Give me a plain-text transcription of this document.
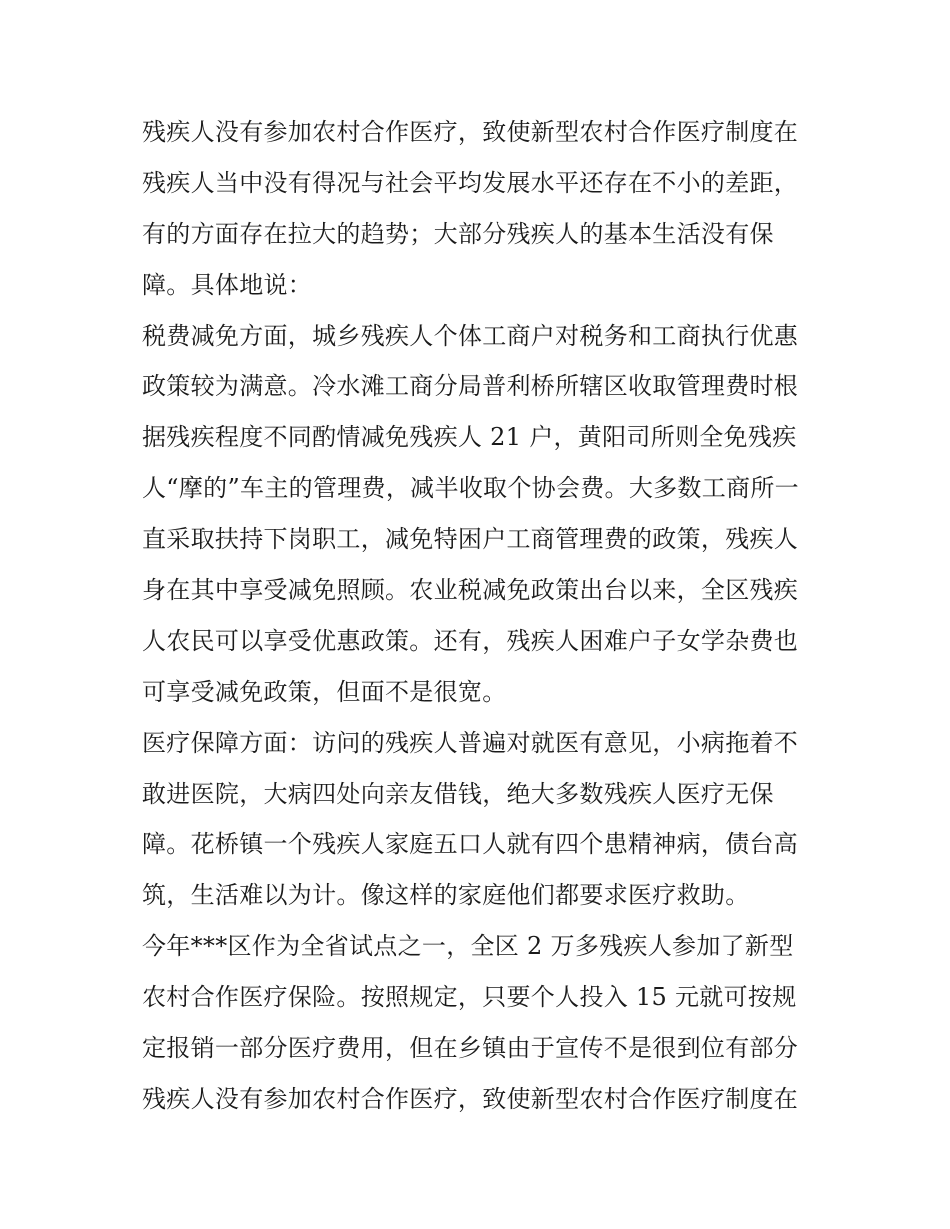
残疾人没有参加农村合作医疗，致使新型农村合作医疗制度在
残疾人当中没有得况与社会平均发展水平还存在不小的差距，
有的方面存在拉大的趋势；大部分残疾人的基本生活没有保
障。具体地说：
税费减免方面，城乡残疾人个体工商户对税务和工商执行优惠
政策较为满意。冷水滩工商分局普利桥所辖区收取管理费时根
据残疾程度不同酌情减免残疾人 21 户，黄阳司所则全免残疾
人“摩的”车主的管理费，减半收取个协会费。大多数工商所一
直采取扶持下岗职工，减免特困户工商管理费的政策，残疾人
身在其中享受减免照顾。农业税减免政策出台以来，全区残疾
人农民可以享受优惠政策。还有，残疾人困难户子女学杂费也
可享受减免政策，但面不是很宽。
医疗保障方面：访问的残疾人普遍对就医有意见，小病拖着不
敢进医院，大病四处向亲友借钱，绝大多数残疾人医疗无保
障。花桥镇一个残疾人家庭五口人就有四个患精神病，债台高
筑，生活难以为计。像这样的家庭他们都要求医疗救助。
今年***区作为全省试点之一，全区 2 万多残疾人参加了新型
农村合作医疗保险。按照规定，只要个人投入 15 元就可按规
定报销一部分医疗费用，但在乡镇由于宣传不是很到位有部分
残疾人没有参加农村合作医疗，致使新型农村合作医疗制度在
